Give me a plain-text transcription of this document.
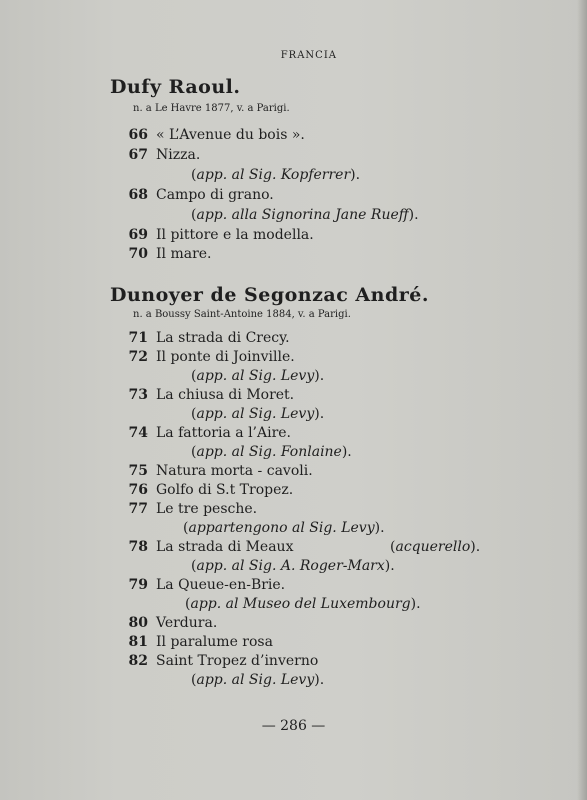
FRANCIA
Dufy Raoul.
n. a Le Havre 1877, v. a Parigi.
66 « L’Avenue du bois ».
67 Nizza.
(app. al Sig. Kopferrer).
68 Campo di grano.
(app. alla Signorina Jane Rueff).
69 Il pittore e la modella.
70 Il mare.
Dunoyer de Segonzac André.
n. a Boussy Saint-Antoine 1884, v. a Parigi.
71 La strada di Crecy.
72 Il ponte di Joinville.
(app. al Sig. Levy).
73 La chiusa di Moret.
(app. al Sig. Levy).
74 La fattoria a l’Aire.
(app. al Sig. Fonlaine).
75 Natura morta - cavoli.
76 Golfo di S.t Tropez.
77 Le tre pesche.
(appartengono al Sig. Levy).
78 La strada di Meaux	(acquerello).
(app. al Sig. A. Roger-Marx).
79 La Queue-en-Brie.
(app. al Museo del Luxembourg).
80 Verdura.
81 Il paralume rosa
82 Saint Tropez d’inverno
(app. al Sig. Levy).
— 286 —
